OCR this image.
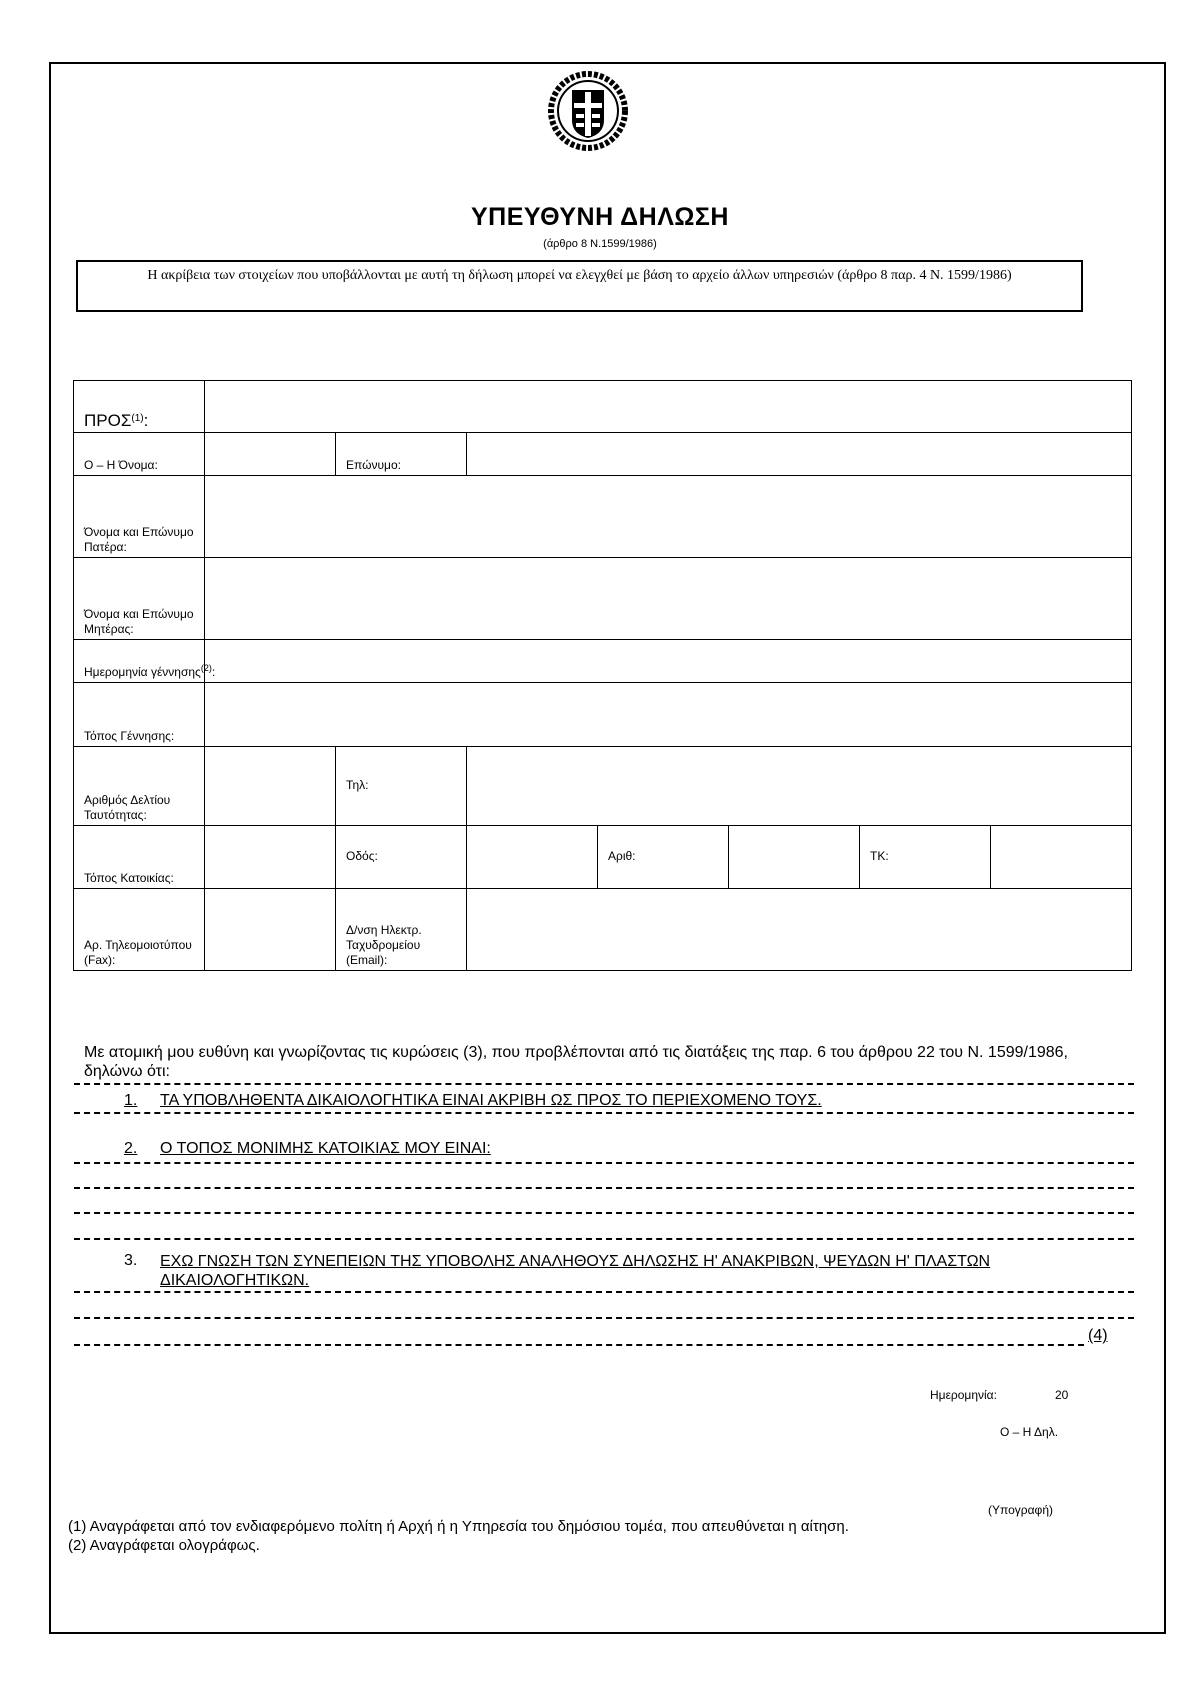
ΥΠΕΥΘΥΝΗ ΔΗΛΩΣΗ
(άρθρο 8 Ν.1599/1986)
Η ακρίβεια των στοιχείων που υποβάλλονται με αυτή τη δήλωση μπορεί να ελεγχθεί με βάση το αρχείο άλλων υπηρεσιών (άρθρο 8 παρ. 4 Ν. 1599/1986)
ΠΡΟΣ$^{(1)}$:							
Ο – Η Όνομα:		Επώνυμο:					
Όνομα και Επώνυμο Πατέρα:							
Όνομα και Επώνυμο Μητέρας:							

Ημερομηνία γέννησης$^{(2)}$:							

Τόπος Γέννησης:							
Αριθμός Δελτίου Ταυτότητας:		Τηλ:					
Τόπος Κατοικίας:		Οδός:		Αριθ:		ΤΚ:	
Αρ. Τηλεομοιοτύπου (Fax):		Δ/νση Ηλεκτρ. Ταχυδρομείου (Εmail):					
Με ατομική μου ευθύνη και γνωρίζοντας τις κυρώσεις (3), που προβλέπονται από τις διατάξεις της παρ. 6 του άρθρου 22 του Ν. 1599/1986, δηλώνω ότι:
1. ΤΑ ΥΠΟΒΛΗΘΕΝΤΑ ΔΙΚΑΙΟΛΟΓΗΤΙΚΑ ΕΙΝΑΙ ΑΚΡΙΒΗ ΩΣ ΠΡΟΣ ΤΟ ΠΕΡΙΕΧΟΜΕΝΟ ΤΟΥΣ.
2. Ο ΤΟΠΟΣ ΜΟΝΙΜΗΣ ΚΑΤΟΙΚΙΑΣ ΜΟΥ ΕΙΝΑΙ:
3. ΕΧΩ ΓΝΩΣΗ ΤΩΝ ΣΥΝΕΠΕΙΩΝ ΤΗΣ ΥΠΟΒΟΛΗΣ ΑΝΑΛΗΘΟΥΣ ΔΗΛΩΣΗΣ Η' ΑΝΑΚΡΙΒΩΝ, ΨΕΥΔΩΝ Η' ΠΛΑΣΤΩΝ ΔΙΚΑΙΟΛΟΓΗΤΙΚΩΝ.
(4)
Ημερομηνία:	20
Ο – Η Δηλ.
(Υπογραφή)
(1) Αναγράφεται από τον ενδιαφερόμενο πολίτη ή Αρχή ή η Υπηρεσία του δημόσιου τομέα, που απευθύνεται η αίτηση.
(2) Αναγράφεται ολογράφως.
